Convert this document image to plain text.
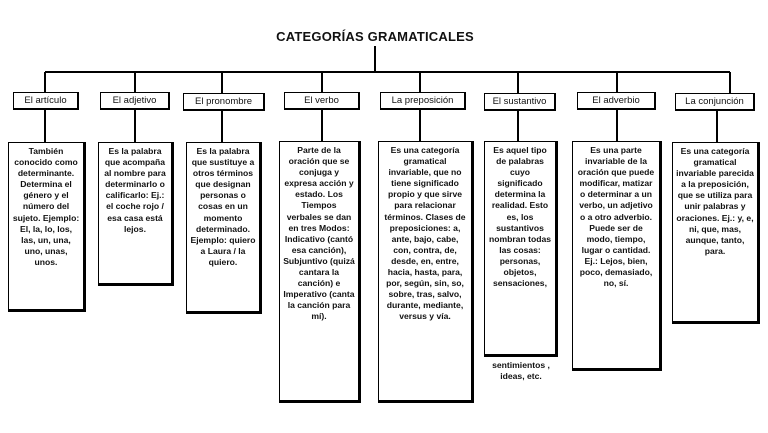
CATEGORÍAS GRAMATICALES
El artículo	El adjetivo	El pronombre	El verbo	La preposición	El sustantivo	El adverbio	La conjunción

También conocido como determinante. Determina el género y el número del sujeto. Ejemplo: El, la, lo, los, las, un, una, uno, unas, unos.

Es la palabra que acompaña al nombre para determinarlo o calificarlo: Ej.: el coche rojo / esa casa está lejos.

Es la palabra que sustituye a otros términos que designan personas o cosas en un momento determinado. Ejemplo: quiero a Laura / la quiero.

Parte de la oración que se conjuga y expresa acción y estado. Los Tiempos verbales se dan en tres Modos: Indicativo (cantó esa canción), Subjuntivo (quizá cantara la canción) e Imperativo (canta la canción para mí).

Es una categoría gramatical invariable, que no tiene significado propio y que sirve para relacionar términos. Clases de preposiciones: a, ante, bajo, cabe, con, contra, de, desde, en, entre, hacia, hasta, para, por, según, sin, so, sobre, tras, salvo, durante, mediante, versus y vía.

Es aquel tipo de palabras cuyo significado determina la realidad. Esto es, los sustantivos nombran todas las cosas: personas, objetos, sensaciones,

sentimientos , ideas, etc.

Es una parte invariable de la oración que puede modificar, matizar o determinar a un verbo, un adjetivo o a otro adverbio. Puede ser de modo, tiempo, lugar o cantidad. Ej.: Lejos, bien, poco, demasiado, no, sí.

Es una categoría gramatical invariable parecida a la preposición, que se utiliza para unir palabras y oraciones. Ej.: y, e, ni, que, mas, aunque, tanto, para.
